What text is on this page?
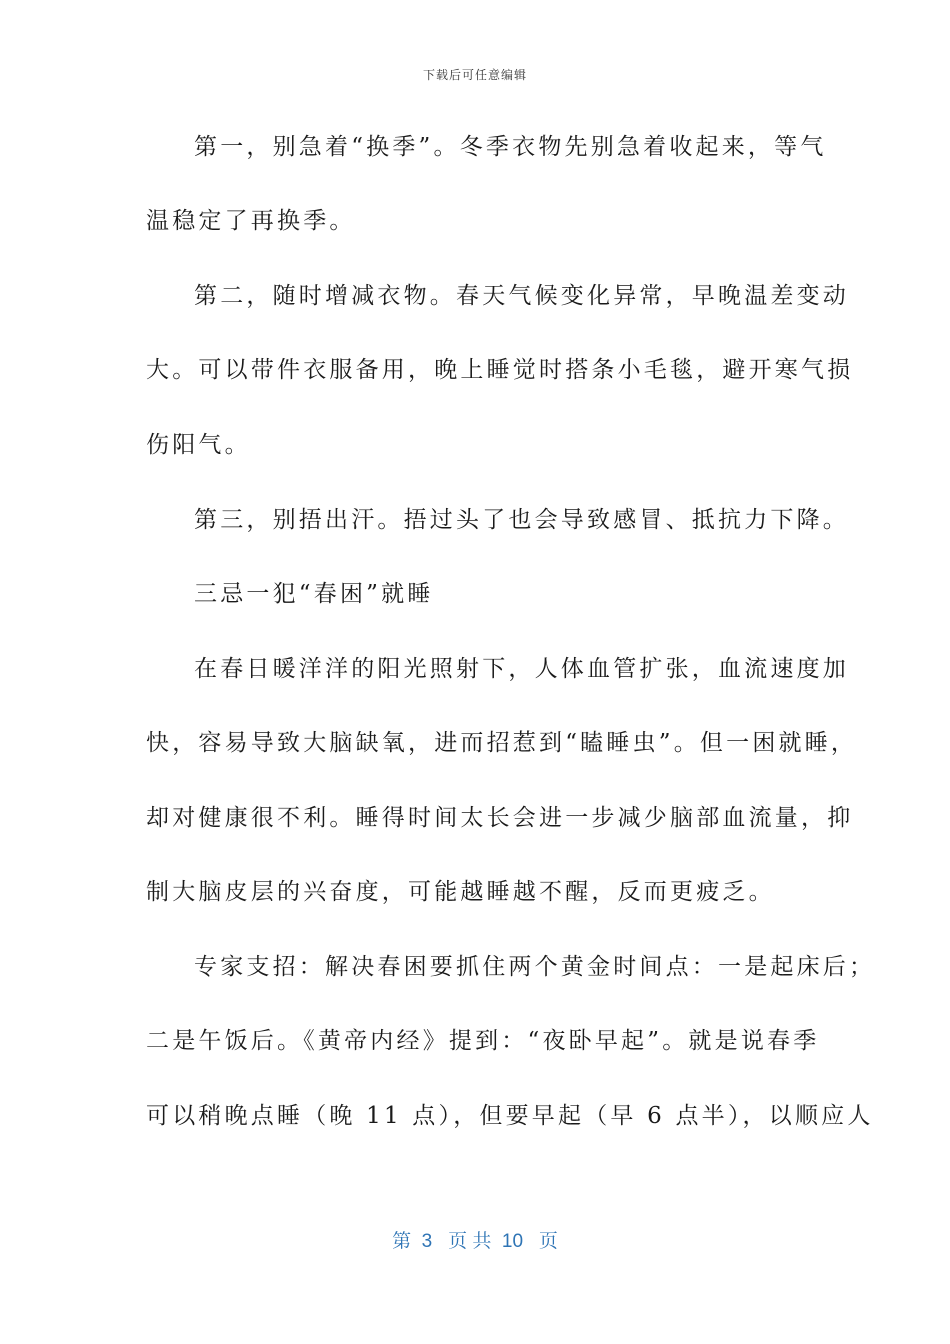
下载后可任意编辑
第一，别急着“换季”。冬季衣物先别急着收起来，等气
温稳定了再换季。
第二，随时增减衣物。春天气候变化异常，早晚温差变动
大。可以带件衣服备用，晚上睡觉时搭条小毛毯，避开寒气损
伤阳气。
第三，别捂出汗。捂过头了也会导致感冒、抵抗力下降。
三忌一犯“春困”就睡
在春日暖洋洋的阳光照射下，人体血管扩张，血流速度加
快，容易导致大脑缺氧，进而招惹到“瞌睡虫”。但一困就睡，
却对健康很不利。睡得时间太长会进一步减少脑部血流量，抑
制大脑皮层的兴奋度，可能越睡越不醒，反而更疲乏。
专家支招：解决春困要抓住两个黄金时间点：一是起床后；
二是午饭后。《黄帝内经》提到：“夜卧早起”。就是说春季
可以稍晚点睡（晚 11 点），但要早起（早 6 点半），以顺应人
第  3   页 共  10   页
